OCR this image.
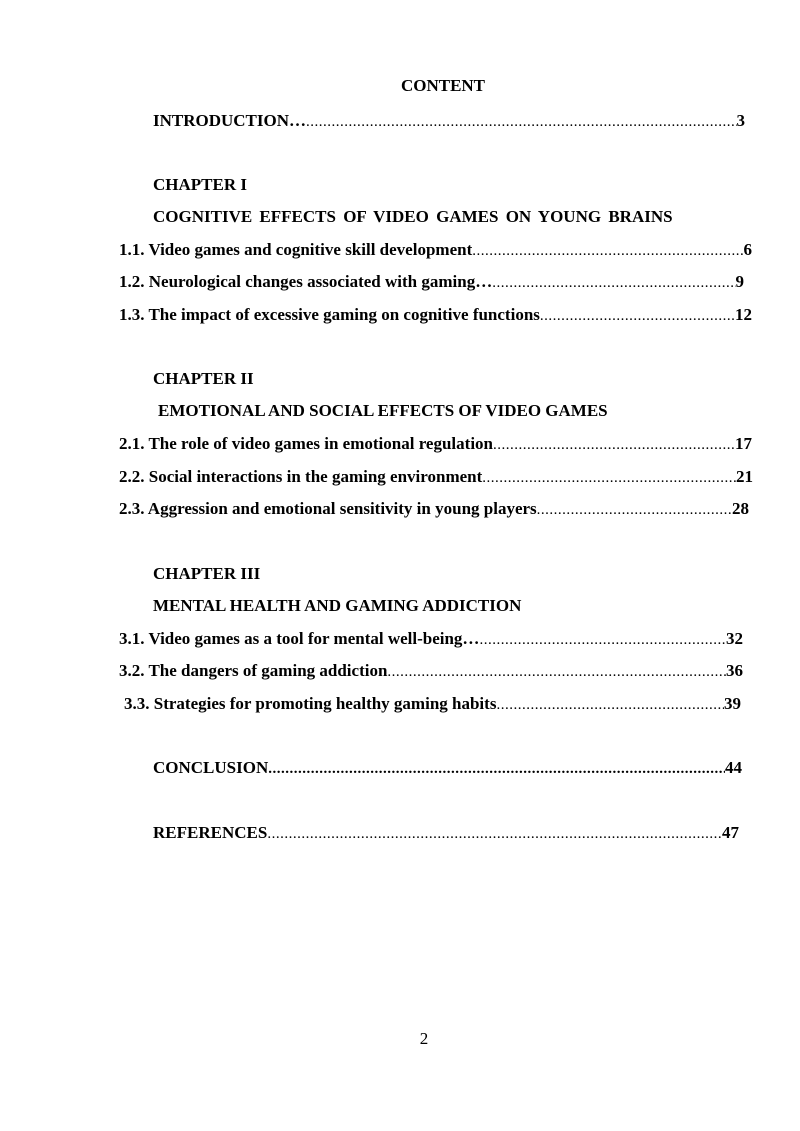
CONTENT
INTRODUCTION… .....	3
CHAPTER I
COGNITIVE EFFECTS OF VIDEO GAMES ON YOUNG BRAINS
1.1. Video games and cognitive skill development .....	6
1.2. Neurological changes associated with gaming… .....	9
1.3. The impact of excessive gaming on cognitive functions .....	12
CHAPTER II
EMOTIONAL AND SOCIAL EFFECTS OF VIDEO GAMES
2.1. The role of video games in emotional regulation .....	17
2.2. Social interactions in the gaming environment .....	21
2.3. Aggression and emotional sensitivity in young players .....	28
CHAPTER III
MENTAL HEALTH AND GAMING ADDICTION
3.1. Video games as a tool for mental well-being… .....	32
3.2. The dangers of gaming addiction .....	36
3.3. Strategies for promoting healthy gaming habits .....	39
CONCLUSION .....	44
REFERENCES .....	47
2
